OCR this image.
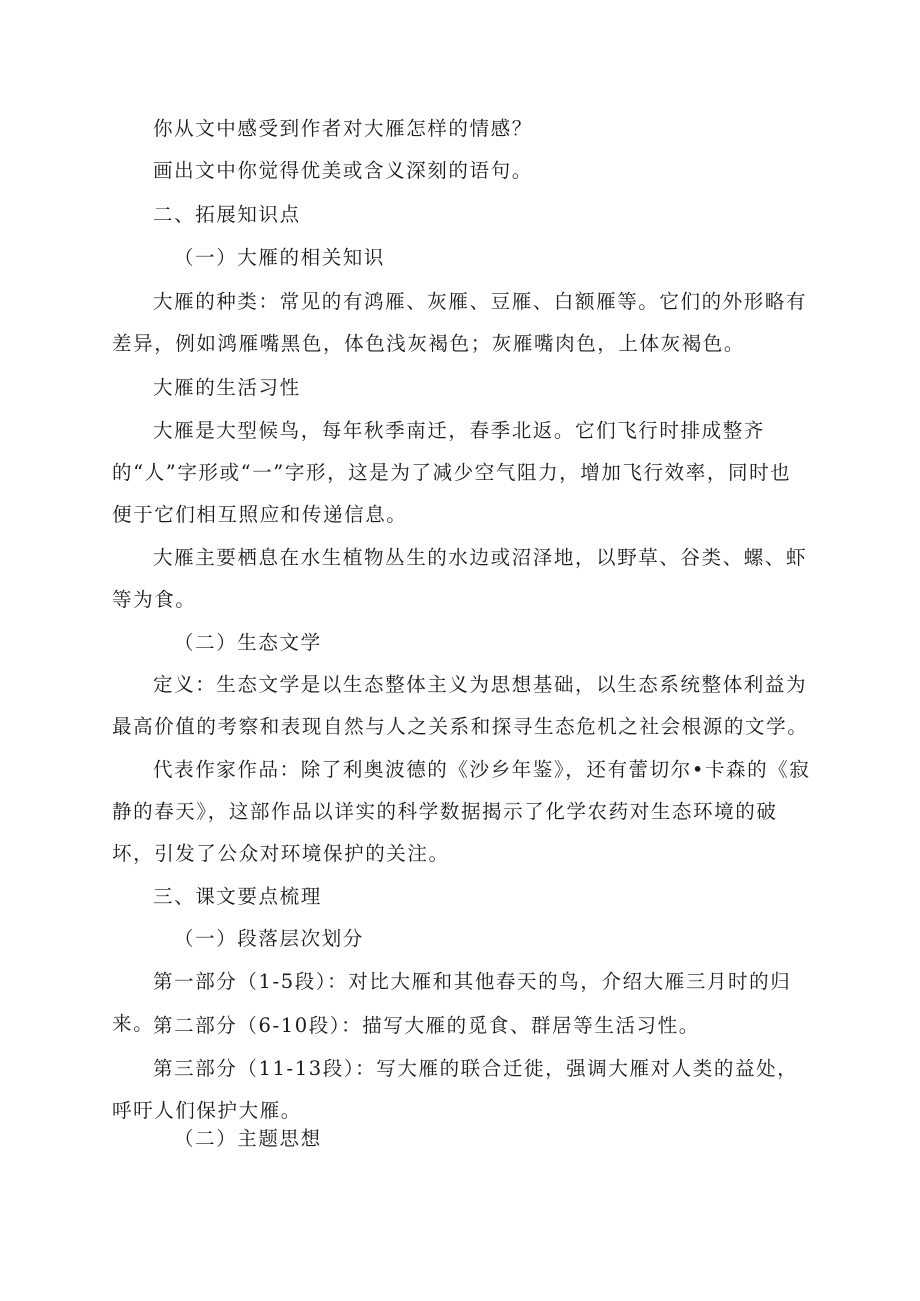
你从文中感受到作者对大雁怎样的情感？

画出文中你觉得优美或含义深刻的语句。

二、拓展知识点

（一）大雁的相关知识

大雁的种类：常见的有鸿雁、灰雁、豆雁、白额雁等。它们的外形略有差异，例如鸿雁嘴黑色，体色浅灰褐色；灰雁嘴肉色，上体灰褐色。

大雁的生活习性

大雁是大型候鸟，每年秋季南迁，春季北返。它们飞行时排成整齐的“人”字形或“一”字形，这是为了减少空气阻力，增加飞行效率，同时也便于它们相互照应和传递信息。

大雁主要栖息在水生植物丛生的水边或沼泽地，以野草、谷类、螺、虾等为食。

（二）生态文学

定义：生态文学是以生态整体主义为思想基础，以生态系统整体利益为最高价值的考察和表现自然与人之关系和探寻生态危机之社会根源的文学。

代表作家作品：除了利奥波德的《沙乡年鉴》，还有蕾切尔•卡森的《寂静的春天》，这部作品以详实的科学数据揭示了化学农药对生态环境的破坏，引发了公众对环境保护的关注。

三、课文要点梳理

（一）段落层次划分

第一部分（1-5段）：对比大雁和其他春天的鸟，介绍大雁三月时的归来。

第二部分（6-10段）：描写大雁的觅食、群居等生活习性。

第三部分（11-13段）：写大雁的联合迁徙，强调大雁对人类的益处，呼吁人们保护大雁。

（二）主题思想
